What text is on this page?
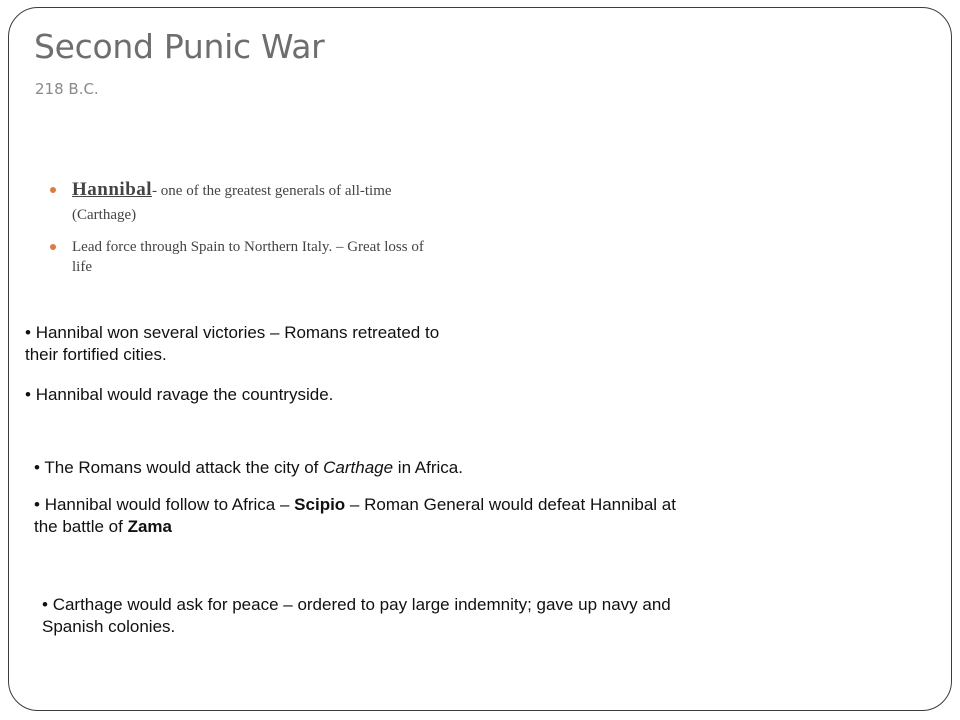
Second Punic War
218 B.C.
Hannibal- one of the greatest generals of all-time (Carthage)
Lead force through Spain to Northern Italy. – Great loss of life
• Hannibal won several victories – Romans retreated to their fortified cities.
• Hannibal would ravage the countryside.
• The Romans would attack the city of Carthage in Africa.
• Hannibal would follow to Africa – Scipio – Roman General would defeat Hannibal at the battle of Zama
• Carthage would ask for peace – ordered to pay large indemnity; gave up navy and Spanish colonies.
